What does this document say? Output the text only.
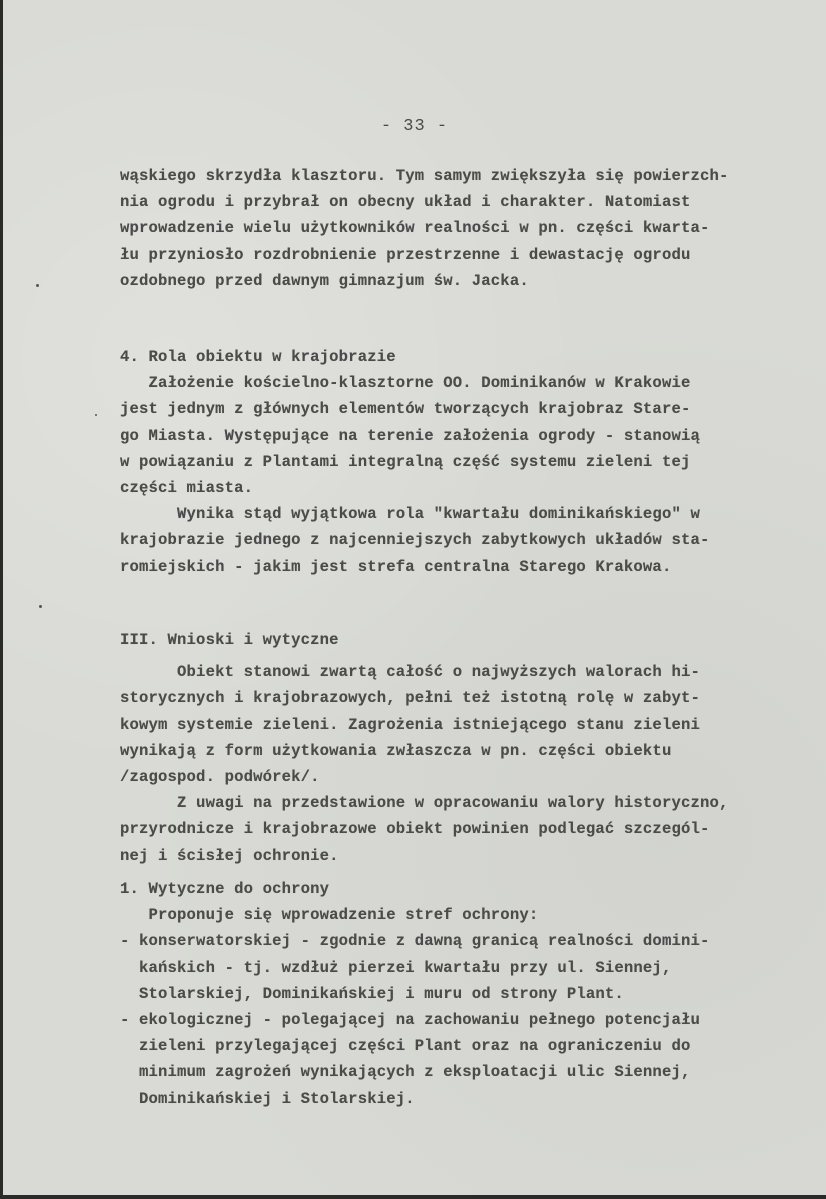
- 33 -
wąskiego skrzydła klasztoru. Tym samym zwiększyła się powierzch-
nia ogrodu i przybrał on obecny układ i charakter. Natomiast
wprowadzenie wielu użytkowników realności w pn. części kwarta-
łu przyniosło rozdrobnienie przestrzenne i dewastację ogrodu
ozdobnego przed dawnym gimnazjum św. Jacka.
4. Rola obiektu w krajobrazie
Założenie kościelno-klasztorne OO. Dominikanów w Krakowie
jest jednym z głównych elementów tworzących krajobraz Stare-
go Miasta. Występujące na terenie założenia ogrody - stanowią
w powiązaniu z Plantami integralną część systemu zieleni tej
części miasta.
Wynika stąd wyjątkowa rola "kwartału dominikańskiego" w
krajobrazie jednego z najcenniejszych zabytkowych układów sta-
romiejskich - jakim jest strefa centralna Starego Krakowa.
III. Wnioski i wytyczne
Obiekt stanowi zwartą całość o najwyższych walorach hi-
storycznych i krajobrazowych, pełni też istotną rolę w zabyt-
kowym systemie zieleni. Zagrożenia istniejącego stanu zieleni
wynikają z form użytkowania zwłaszcza w pn. części obiektu
/zagospod. podwórek/.
Z uwagi na przedstawione w opracowaniu walory historyczno,
przyrodnicze i krajobrazowe obiekt powinien podlegać szczegól-
nej i ścisłej ochronie.
1. Wytyczne do ochrony
Proponuje się wprowadzenie stref ochrony:
- konserwatorskiej - zgodnie z dawną granicą realności domini-
kańskich - tj. wzdłuż pierzei kwartału przy ul. Siennej,
Stolarskiej, Dominikańskiej i muru od strony Plant.
- ekologicznej - polegającej na zachowaniu pełnego potencjału
zieleni przylegającej części Plant oraz na ograniczeniu do
minimum zagrożeń wynikających z eksploatacji ulic Siennej,
Dominikańskiej i Stolarskiej.
